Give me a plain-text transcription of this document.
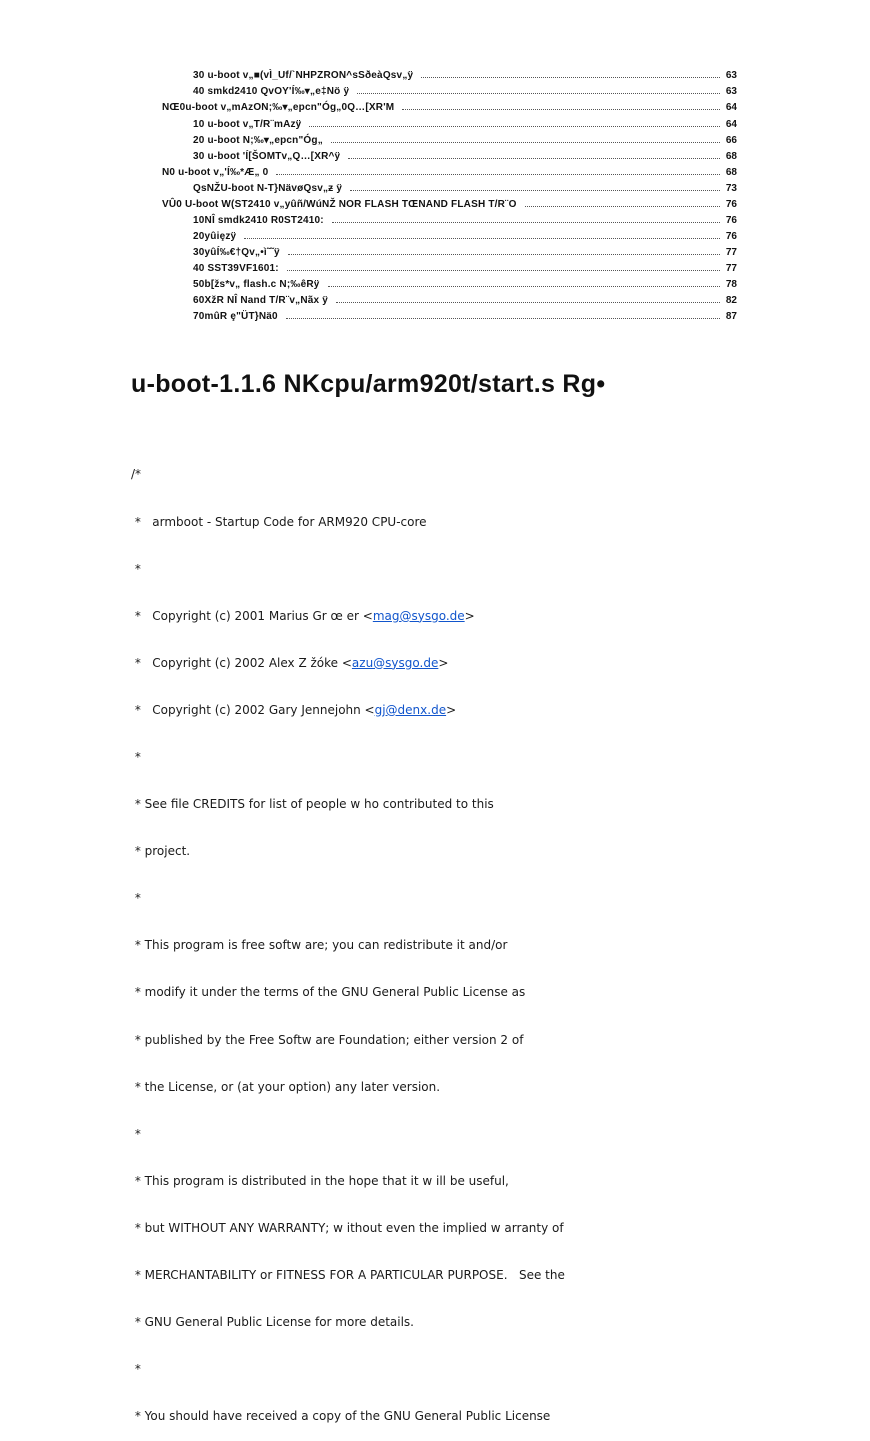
30 u-boot v„■(vÌ_Uf/`NHPZRON^sSðeàQsv„ÿ	63
40 smkd2410 QvOY'Í‰▾„e‡Nö ÿ	63
NŒ0u-boot v„mAzON;‰▾„epcn"Óg„0Q…[XR'M	64
10 u-boot v„T/R¨mAzÿ	64
20 u-boot N;‰▾„epcn"Óg„	66
30 u-boot 'Í[ŠOMTv„Q…[XR^ÿ	68
N0 u-boot v„'Í‰*Æ„ 0	68
QsNŽU-boot N-T}NävøQsv„ƶ ÿ	73
VÛ0 U-boot W(ST2410 v„yûñ/WúNŽ NOR FLASH TŒNAND FLASH T/R¨O	76
10NÎ smdk2410 R0ST2410:	76
20yûiȩzÿ	76
30yûÍ‰€†Qv„•ì˜˜ÿ	77
40 SST39VF1601:	77
50b[žs*v„ flash.c N;‰êRÿ	78
60XžR NÎ Nand T/R¨v„Nãx ÿ	82
70mûR ȩ"ÜT}Nä0	87
u-boot-1.1.6 NKcpu/arm920t/start.s Rg•

/*

*   armboot - Startup Code for ARM920 CPU-core

*

*   Copyright (c) 2001 Marius Gr œ er <mag@sysgo.de>

*   Copyright (c) 2002 Alex Z žóke <azu@sysgo.de>

*   Copyright (c) 2002 Gary Jennejohn <gj@denx.de>

*

* See file CREDITS for list of people w ho contributed to this

* project.

*

* This program is free softw are; you can redistribute it and/or

* modify it under the terms of the GNU General Public License as

* published by the Free Softw are Foundation; either version 2 of

* the License, or (at your option) any later version.

*

* This program is distributed in the hope that it w ill be useful,

* but WITHOUT ANY WARRANTY; w ithout even the implied w arranty of

* MERCHANTABILITY or FITNESS FOR A PARTICULAR PURPOSE.   See the

* GNU General Public License for more details.

*

* You should have received a copy of the GNU General Public License
